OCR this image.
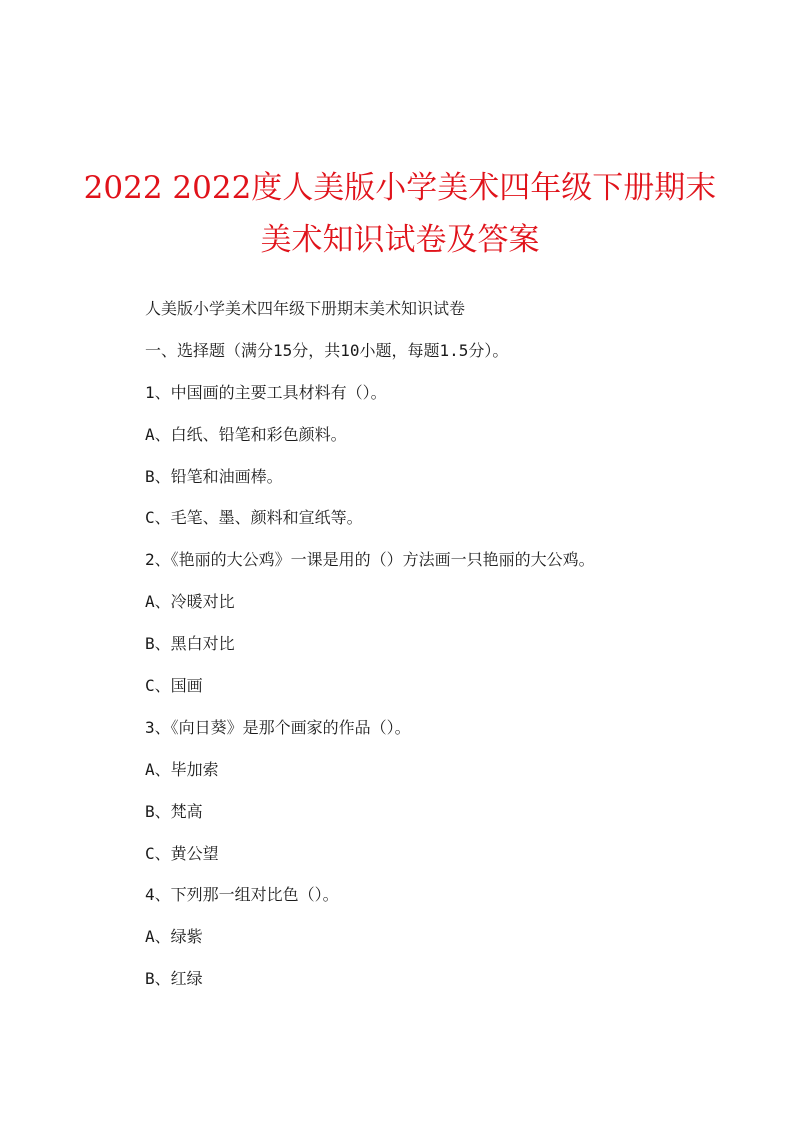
2022 2022度人美版小学美术四年级下册期末
美术知识试卷及答案
人美版小学美术四年级下册期末美术知识试卷
一、选择题（满分15分，共10小题，每题1.5分）。
1、中国画的主要工具材料有（）。
A、白纸、铅笔和彩色颜料。
B、铅笔和油画棒。
C、毛笔、墨、颜料和宣纸等。
2、《艳丽的大公鸡》一课是用的（）方法画一只艳丽的大公鸡。
A、冷暖对比
B、黑白对比
C、国画
3、《向日葵》是那个画家的作品（）。
A、毕加索
B、梵高
C、黄公望
4、下列那一组对比色（）。
A、绿紫
B、红绿
